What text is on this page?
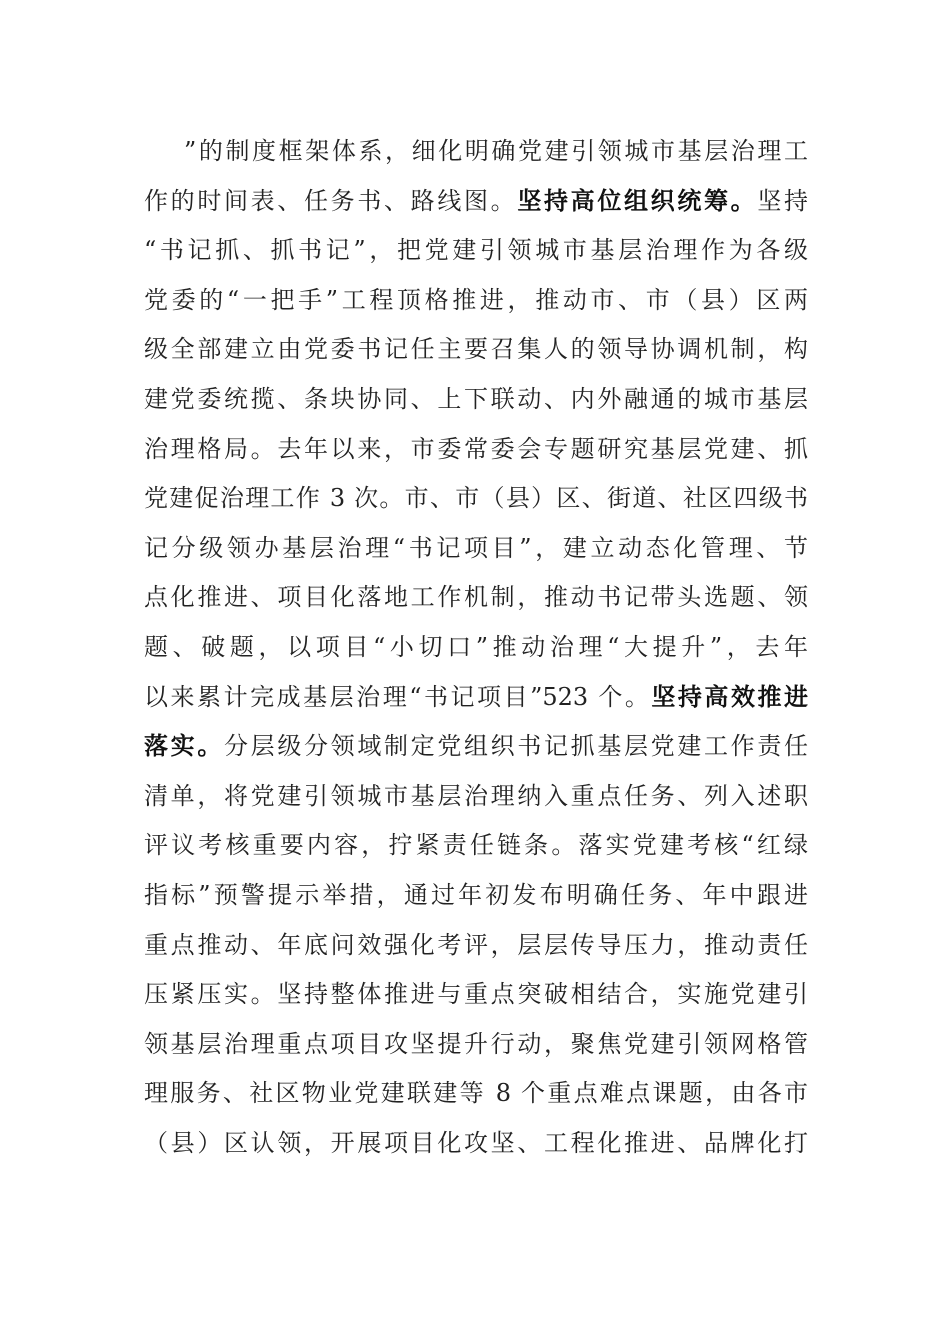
”的制度框架体系，细化明确党建引领城市基层治理工
作的时间表、任务书、路线图。坚持高位组织统筹。坚持
“书记抓、抓书记”，把党建引领城市基层治理作为各级
党委的“一把手”工程顶格推进，推动市、市（县）区两
级全部建立由党委书记任主要召集人的领导协调机制，构
建党委统揽、条块协同、上下联动、内外融通的城市基层
治理格局。去年以来，市委常委会专题研究基层党建、抓
党建促治理工作 3 次。市、市（县）区、街道、社区四级书
记分级领办基层治理“书记项目”，建立动态化管理、节
点化推进、项目化落地工作机制，推动书记带头选题、领
题、破题，以项目“小切口”推动治理“大提升”，去年
以来累计完成基层治理“书记项目”523 个。坚持高效推进
落实。分层级分领域制定党组织书记抓基层党建工作责任
清单，将党建引领城市基层治理纳入重点任务、列入述职
评议考核重要内容，拧紧责任链条。落实党建考核“红绿
指标”预警提示举措，通过年初发布明确任务、年中跟进
重点推动、年底问效强化考评，层层传导压力，推动责任
压紧压实。坚持整体推进与重点突破相结合，实施党建引
领基层治理重点项目攻坚提升行动，聚焦党建引领网格管
理服务、社区物业党建联建等 8 个重点难点课题，由各市
（县）区认领，开展项目化攻坚、工程化推进、品牌化打
